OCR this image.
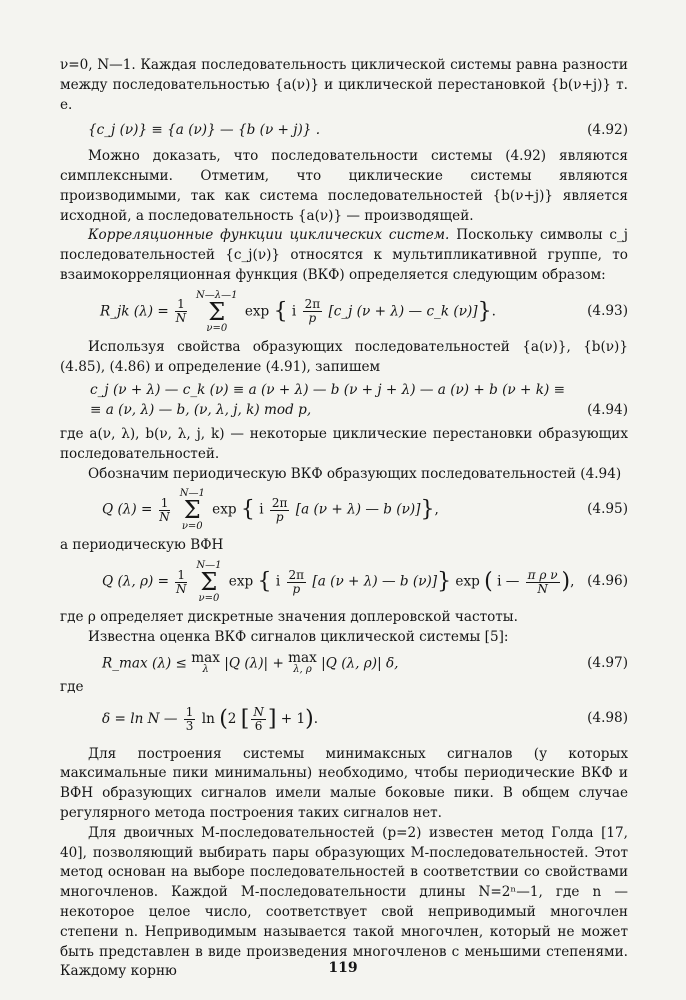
ν=0, N—1. Каждая последовательность циклической системы равна разности между последовательностью {a(ν)} и циклической перестановкой {b(ν+j)} т. е.

{c_j (ν)} ≡ {a (ν)} — {b (ν + j)} .	(4.92)

Можно доказать, что последовательности системы (4.92) являются симплексными. Отметим, что циклические системы являются производимыми, так как система последовательностей {b(ν+j)} является исходной, а последовательность {a(ν)} — производящей.

Корреляционные функции циклических систем. Поскольку символы c_j последовательностей {c_j(ν)} относятся к мультипликативной группе, то взаимокорреляционная функция (ВКФ) определяется следующим образом:

R_jk $(\lambda) = \frac{1}{N}$

N—λ—1
Σ
ν=0
exp { i $\frac{2\pi}{p}$ [c_j (ν + λ) — c_k (ν)]}.	(4.93)

Используя свойства образующих последовательностей {a(ν)}, {b(ν)} (4.85), (4.86) и определение (4.91), запишем

c_j (ν + λ) — c_k (ν) ≡ a (ν + λ) — b (ν + j + λ) — a (ν) + b (ν + k) ≡
≡ a (ν, λ) — b, (ν, λ, j, k) mod p,	(4.94)

где a(ν, λ), b(ν, λ, j, k) — некоторые циклические перестановки образующих последовательностей.

Обозначим периодическую ВКФ образующих последовательностей (4.94)

Q $(\lambda) = \frac{1}{N}$

N—1
Σ
ν=0
exp { i $\frac{2\pi}{p} [a$ (ν + λ) — b (ν)]},	(4.95)

а периодическую ВФН

Q (λ, $\rho) = \frac{1}{N}$

N—1
Σ
ν=0
exp { i $\frac{2\pi}{p} [a$ (ν + λ) — b (ν)]} exp ( i — $\frac{\text{π ρ ν}}{N}$ ), (4.96)

где ρ определяет дискретные значения доплеровской частоты.

Известна оценка ВКФ сигналов циклической системы [5]:

R_max (λ) ≤ max
λ |Q (λ)| + max
λ, ρ |Q (λ, ρ)| δ,	(4.97)

где

δ = ln N — $\frac{1}{3}$ ln (2 [ $\frac{N}{6}$ ] + 1).	(4.98)

Для построения системы минимаксных сигналов (у которых максимальные пики минимальны) необходимо, чтобы периодические ВКФ и ВФН образующих сигналов имели малые боковые пики. В общем случае регулярного метода построения таких сигналов нет.

Для двоичных М-последовательностей (p=2) известен метод Голда [17, 40], позволяющий выбирать пары образующих М-последовательностей. Этот метод основан на выборе последовательностей в соответствии со свойствами многочленов. Каждой М-последовательности длины N=2ⁿ—1, где n — некоторое целое число, соответствует свой неприводимый многочлен степени n. Неприводимым называется такой многочлен, который не может быть представлен в виде произведения многочленов с меньшими степенями. Каждому корню	119
